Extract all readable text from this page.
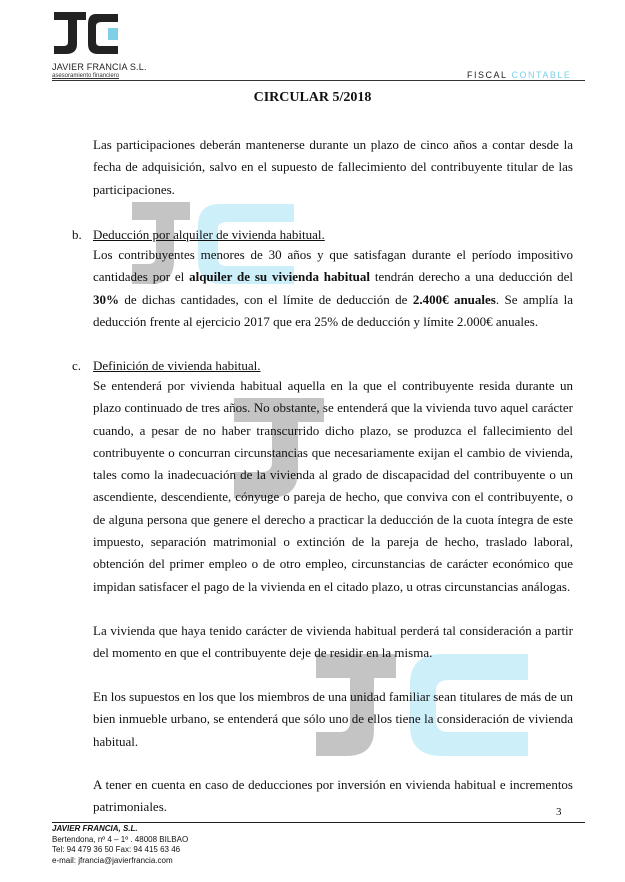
JAVIER FRANCIA S.L.
asesoramiento financiero	FISCAL CONTABLE
CIRCULAR 5/2018
Las participaciones deberán mantenerse durante un plazo de cinco años a contar desde la fecha de adquisición, salvo en el supuesto de fallecimiento del contribuyente titular de las participaciones.
b. Deducción por alquiler de vivienda habitual.
Los contribuyentes menores de 30 años y que satisfagan durante el período impositivo cantidades por el alquiler de su vivienda habitual tendrán derecho a una deducción del 30% de dichas cantidades, con el límite de deducción de 2.400€ anuales. Se amplía la deducción frente al ejercicio 2017 que era 25% de deducción y límite 2.000€ anuales.
c. Definición de vivienda habitual.
Se entenderá por vivienda habitual aquella en la que el contribuyente resida durante un plazo continuado de tres años. No obstante, se entenderá que la vivienda tuvo aquel carácter cuando, a pesar de no haber transcurrido dicho plazo, se produzca el fallecimiento del contribuyente o concurran circunstancias que necesariamente exijan el cambio de vivienda, tales como la inadecuación de la vivienda al grado de discapacidad del contribuyente o un ascendiente, descendiente, cónyuge o pareja de hecho, que conviva con el contribuyente, o de alguna persona que genere el derecho a practicar la deducción de la cuota íntegra de este impuesto, separación matrimonial o extinción de la pareja de hecho, traslado laboral, obtención del primer empleo o de otro empleo, circunstancias de carácter económico que impidan satisfacer el pago de la vivienda en el citado plazo, u otras circunstancias análogas.
La vivienda que haya tenido carácter de vivienda habitual perderá tal consideración a partir del momento en que el contribuyente deje de residir en la misma.
En los supuestos en los que los miembros de una unidad familiar sean titulares de más de un bien inmueble urbano, se entenderá que sólo uno de ellos tiene la consideración de vivienda habitual.
A tener en cuenta en caso de deducciones por inversión en vivienda habitual e incrementos patrimoniales.	3
JAVIER FRANCIA, S.L.
Bertendona, nº 4 – 1º . 48008 BILBAO
Tel: 94 479 36 50 Fax: 94 415 63 46
e-mail: jfrancia@javierfrancia.com
